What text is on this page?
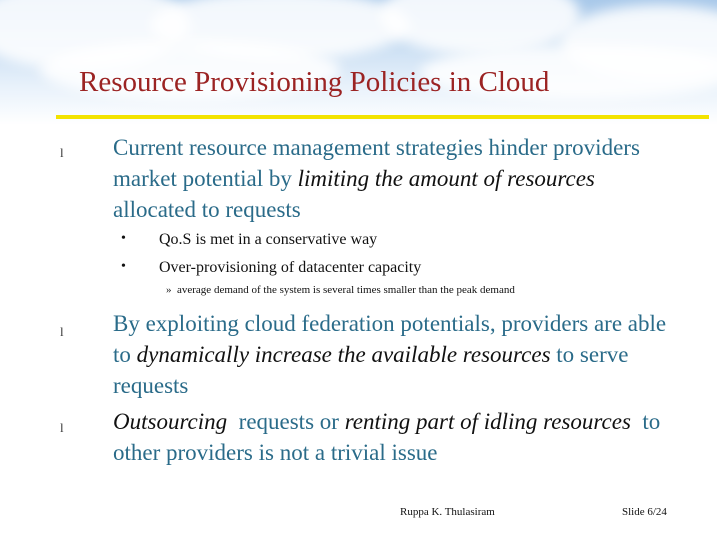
Resource Provisioning Policies in Cloud
l Current resource management strategies hinder providers market potential by limiting the amount of resources allocated to requests

• Qo.S is met in a conservative way

• Over-provisioning of datacenter capacity

» average demand of the system is several times smaller than the peak demand

l By exploiting cloud federation potentials, providers are able to dynamically increase the available resources to serve requests

l Outsourcing  requests or renting part of idling resources  to other providers is not a trivial issue

Ruppa K. Thulasiram	Slide 6/24
